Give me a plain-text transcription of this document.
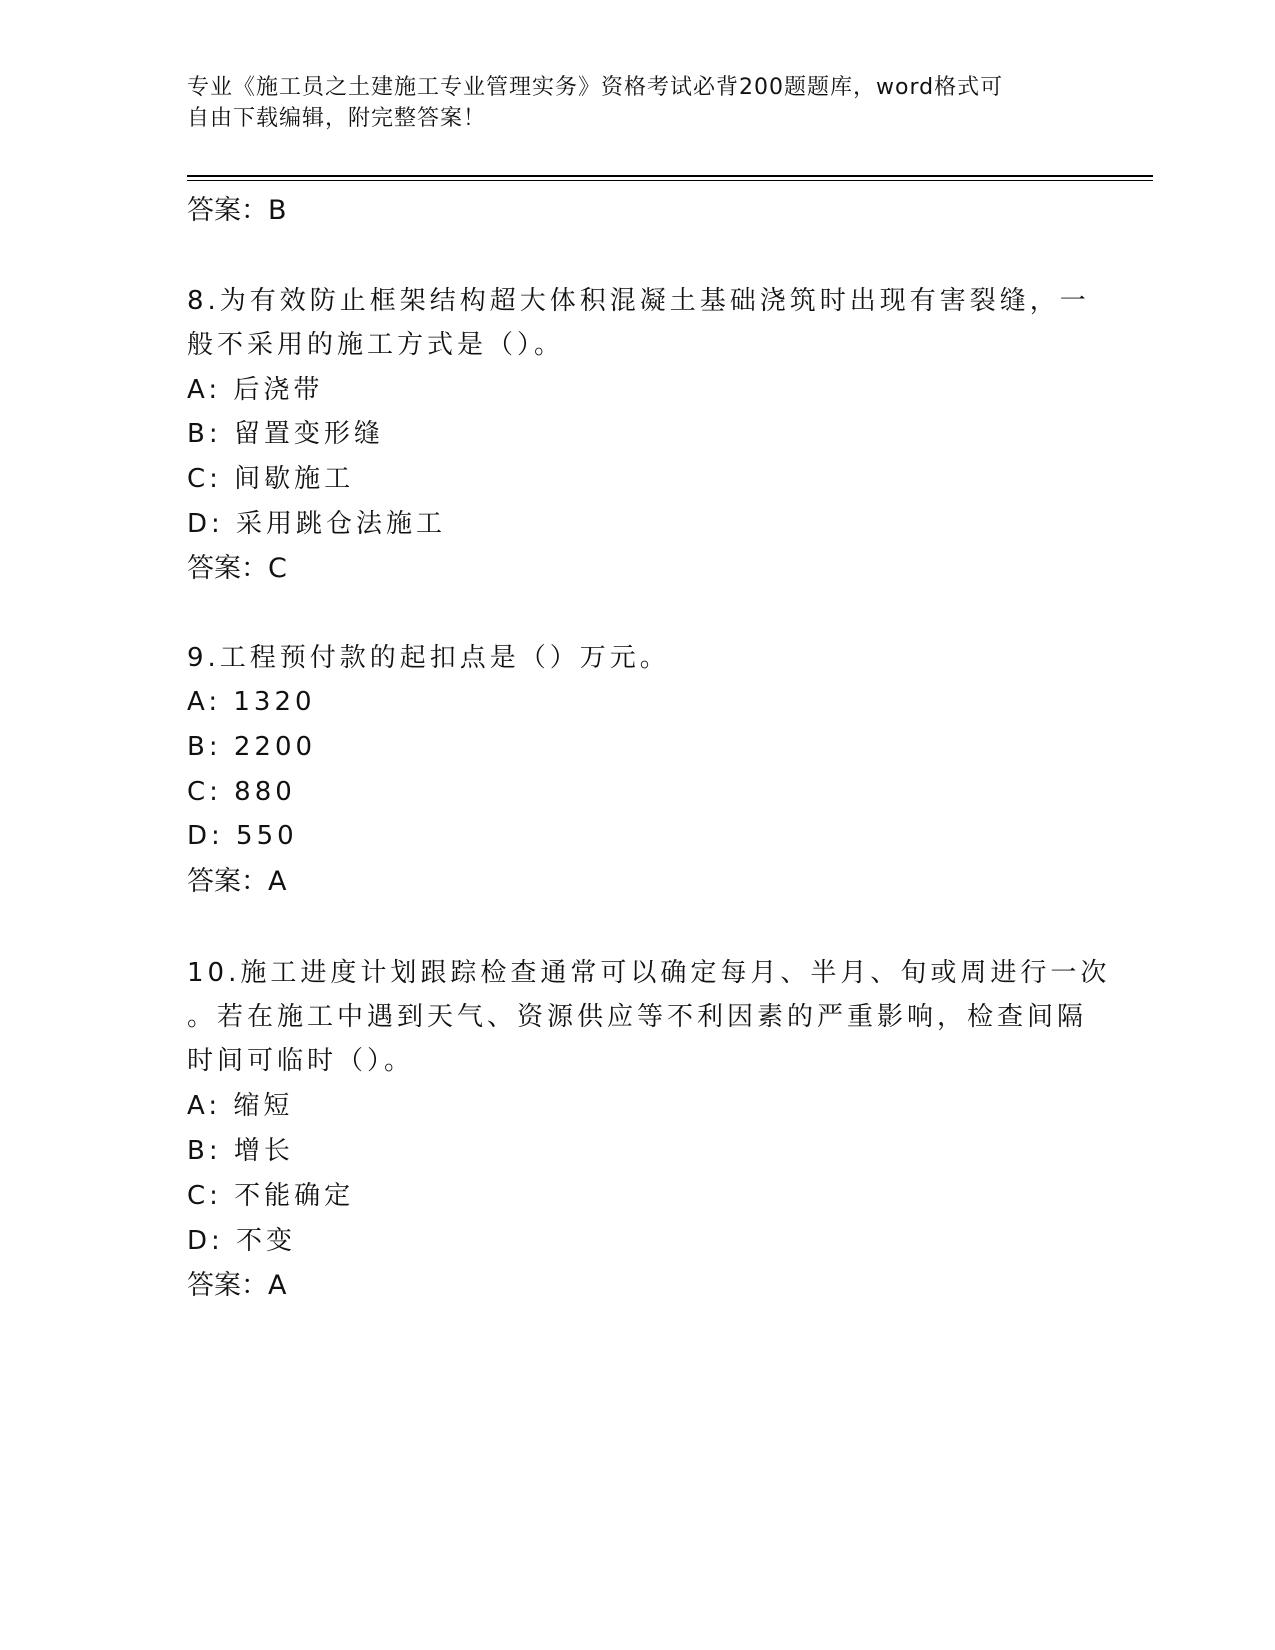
专业《施工员之土建施工专业管理实务》资格考试必背200题题库，word格式可
自由下载编辑，附完整答案！
答案：B
8.为有效防止框架结构超大体积混凝土基础浇筑时出现有害裂缝，一
般不采用的施工方式是（）。
A: 后浇带
B: 留置变形缝
C: 间歇施工
D: 采用跳仓法施工
答案：C
9.工程预付款的起扣点是（）万元。
A: 1320
B: 2200
C: 880
D: 550
答案：A
10.施工进度计划跟踪检查通常可以确定每月、半月、旬或周进行一次
。若在施工中遇到天气、资源供应等不利因素的严重影响，检查间隔
时间可临时（）。
A: 缩短
B: 增长
C: 不能确定
D: 不变
答案：A
